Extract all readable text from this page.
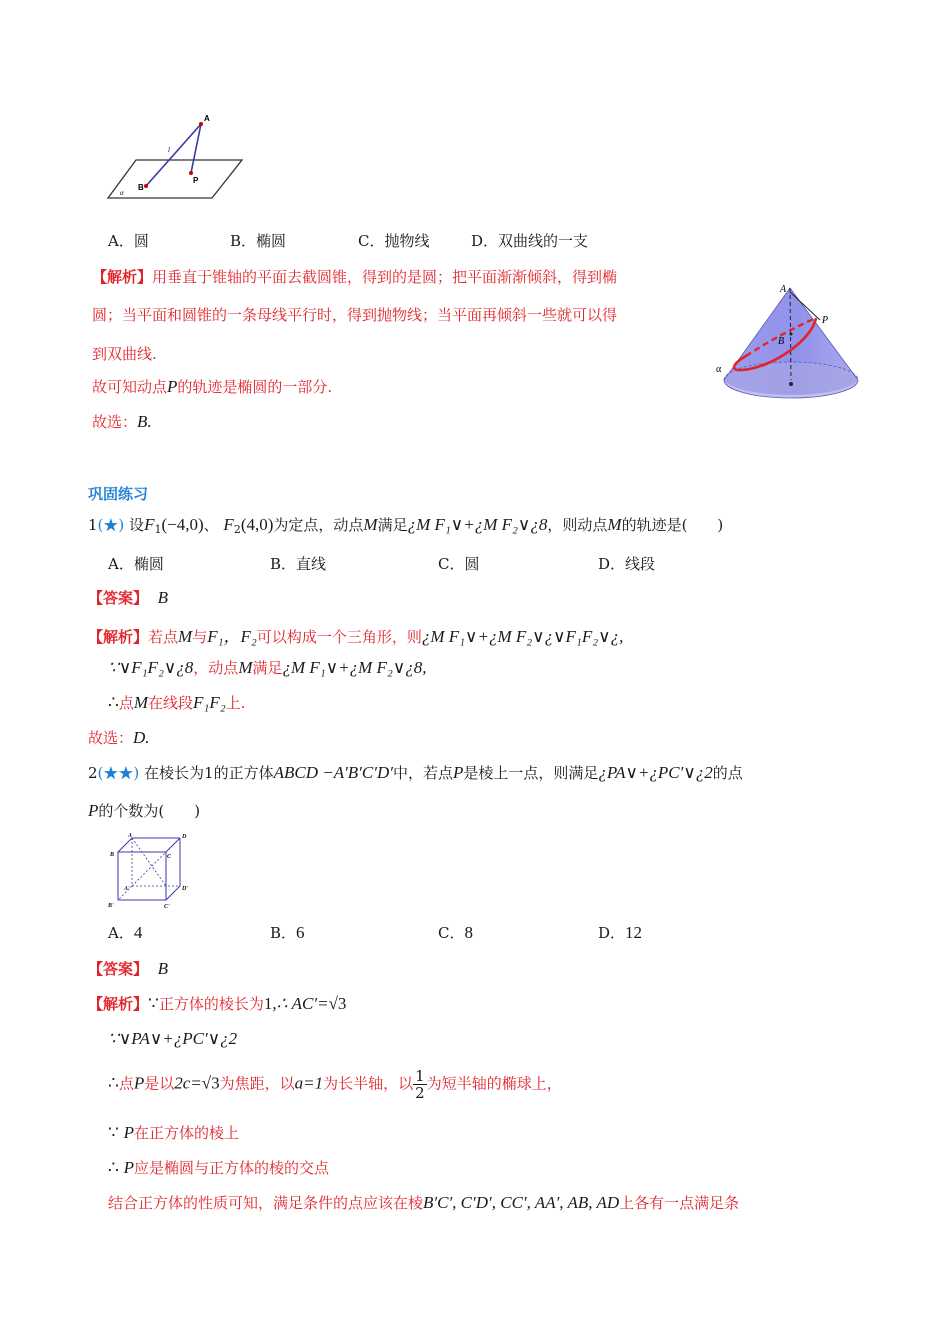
A
B
P
l
α
A．圆	B．椭圆	C．抛物线	D．双曲线的一支
【解析】用垂直于锥轴的平面去截圆锥，得到的是圆；把平面渐渐倾斜，得到椭
圆；当平面和圆锥的一条母线平行时，得到抛物线；当平面再倾斜一些就可以得
到双曲线.
故可知动点P的轨迹是椭圆的一部分.
故选：B.
A
P
B
α
巩固练习
1(★) 设$F_1(-4,0)$、 $F_2(4,0)$为定点，动点M满足¿M F₁∨+¿M F₂∨¿8，则动点M的轨迹是(　　)
A．椭圆	B．直线	C．圆	D．线段
【答案】 B
【解析】若点M与F₁，F₂可以构成一个三角形，则¿M F₁∨+¿M F₂∨¿∨F₁F₂∨¿,
∵∨F₁F₂∨¿8，动点M满足¿M F₁∨+¿M F₂∨¿8,
∴点M在线段F₁F₂上.
故选：D.
2(★★) 在棱长为1的正方体ABCD −A′B′C′D′中，若点P是棱上一点，则满足¿PA∨+¿PC′∨¿2的点
P的个数为(　　)
A	D
B	C
A'	D'
B'	C'
A．4	B．6	C．8	D．12
【答案】 B
【解析】∵正方体的棱长为1,∴ AC′=√3
∵∨PA∨+¿PC′∨¿2
∴点P是以2c=√3为焦距，以a=1为长半轴，以 $\frac{1}{2}$ 为短半轴的椭球上，
∵ P在正方体的棱上
∴ P应是椭圆与正方体的棱的交点
结合正方体的性质可知，满足条件的点应该在棱B′C′, C′D′, CC′, AA′, AB, AD上各有一点满足条
